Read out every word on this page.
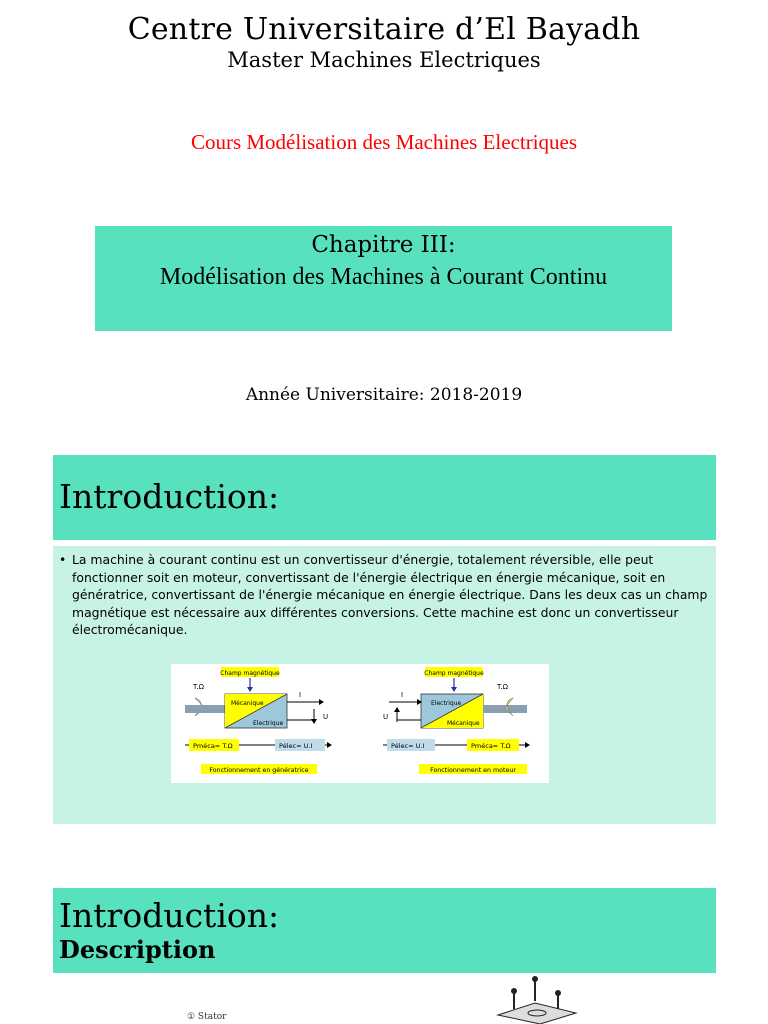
Centre Universitaire d’El Bayadh
Master Machines Electriques
Cours Modélisation des Machines Electriques
Chapitre III:
Modélisation des Machines à Courant Continu
Année Universitaire: 2018-2019
Introduction:
• La machine à courant continu est un convertisseur d'énergie, totalement réversible, elle peut fonctionner soit en moteur, convertissant de l'énergie électrique en énergie mécanique, soit en génératrice, convertissant de l'énergie mécanique en énergie électrique. Dans les deux cas un champ magnétique est nécessaire aux différentes conversions. Cette machine est donc un convertisseur électromécanique.
Champ magnétique
T.Ω
Mécanique
Electrique
I
U
Pméca= T.Ω	Pélec= U.I
Fonctionnement en génératrice
Champ magnétique
Electrique
Mécanique
I
U
T.Ω
Pélec= U.I	Pméca= T.Ω
Fonctionnement en moteur
Introduction:
Description
① Stator
